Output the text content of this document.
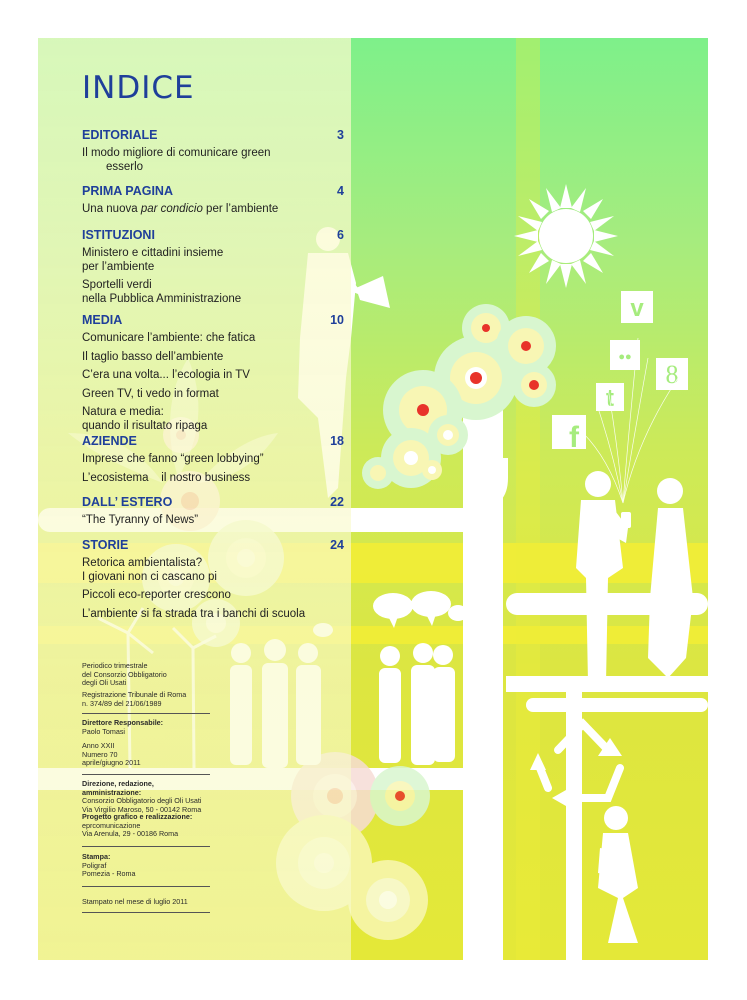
v
●●
8
t
f
INDICE
EDITORIALE	3
Il modo migliore di comunicare green
esserlo
PRIMA PAGINA	4
Una nuova par condicio per l’ambiente
ISTITUZIONI	6
Ministero e cittadini insieme
per l’ambiente
Sportelli verdi
nella Pubblica Amministrazione
MEDIA	10
Comunicare l’ambiente: che fatica
Il taglio basso dell’ambiente
C’era una volta... l’ecologia in TV
Green TV, ti vedo in format
Natura e media:
quando il risultato ripaga
AZIENDE	18
Imprese che fanno “green lobbying”
L’ecosistema    il nostro business
DALL’ ESTERO	22
“The Tyranny of News”
STORIE	24
Retorica ambientalista?
I giovani non ci cascano pi
Piccoli eco-reporter crescono
L’ambiente si fa strada tra i banchi di scuola
Periodico trimestrale
del Consorzio Obbligatorio
degli Oli Usati
Registrazione Tribunale di Roma
n. 374/89 del 21/06/1989
Direttore Responsabile:
Paolo Tomasi
Anno XXII
Numero 70
aprile/giugno 2011
Direzione, redazione, amministrazione:
Consorzio Obbligatorio degli Oli Usati
Via Virgilio Maroso, 50 - 00142 Roma
Progetto grafico e realizzazione:
eprcomunicazione
Via Arenula, 29 - 00186 Roma
Stampa:
Poligraf
Pomezia - Roma
Stampato nel mese di luglio 2011
